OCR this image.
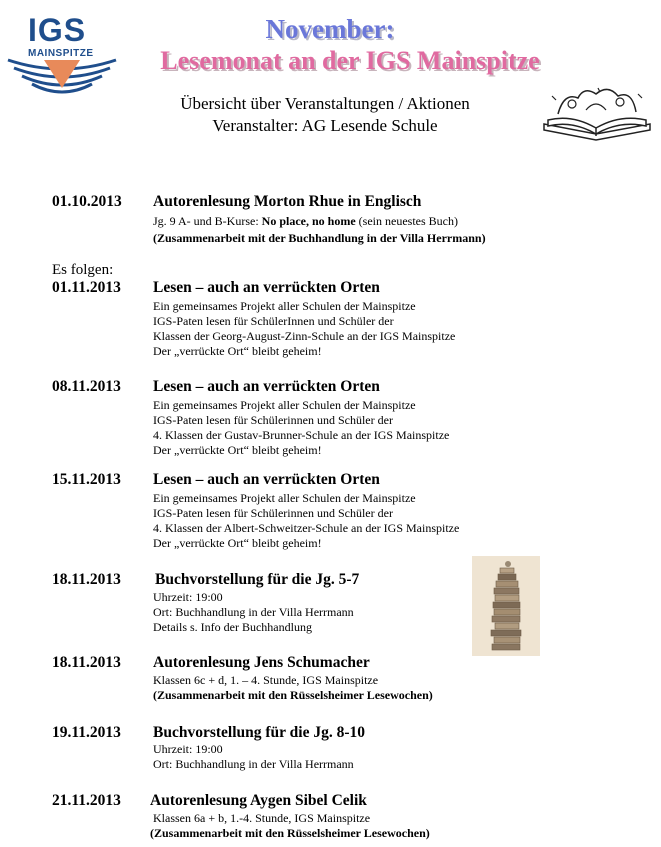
IGS
MAINSPITZE
November:
Lesemonat an der IGS Mainspitze
Übersicht über Veranstaltungen / Aktionen
Veranstalter: AG Lesende Schule
01.10.2013 Autorenlesung Morton Rhue in Englisch
Jg. 9 A- und B-Kurse: No place, no home (sein neuestes Buch)
(Zusammenarbeit mit der Buchhandlung in der Villa Herrmann)
Es folgen:
01.11.2013 Lesen – auch an verrückten Orten
Ein gemeinsames Projekt aller Schulen der Mainspitze
IGS-Paten lesen für SchülerInnen und Schüler der
Klassen der Georg-August-Zinn-Schule an der IGS Mainspitze
Der „verrückte Ort“ bleibt geheim!
08.11.2013 Lesen – auch an verrückten Orten
Ein gemeinsames Projekt aller Schulen der Mainspitze
IGS-Paten lesen für Schülerinnen und Schüler der
4. Klassen der Gustav-Brunner-Schule an der IGS Mainspitze
Der „verrückte Ort“ bleibt geheim!
15.11.2013 Lesen – auch an verrückten Orten
Ein gemeinsames Projekt aller Schulen der Mainspitze
IGS-Paten lesen für Schülerinnen und Schüler der
4. Klassen der Albert-Schweitzer-Schule an der IGS Mainspitze
Der „verrückte Ort“ bleibt geheim!
18.11.2013 Buchvorstellung für die Jg. 5-7
Uhrzeit: 19:00
Ort: Buchhandlung in der Villa Herrmann
Details s. Info der Buchhandlung
18.11.2013 Autorenlesung Jens Schumacher
Klassen 6c + d, 1. – 4. Stunde, IGS Mainspitze
(Zusammenarbeit mit den Rüsselsheimer Lesewochen)
19.11.2013 Buchvorstellung für die Jg. 8-10
Uhrzeit: 19:00
Ort: Buchhandlung in der Villa Herrmann
21.11.2013 Autorenlesung Aygen Sibel Celik
Klassen 6a + b, 1.-4. Stunde, IGS Mainspitze
(Zusammenarbeit mit den Rüsselsheimer Lesewochen)
